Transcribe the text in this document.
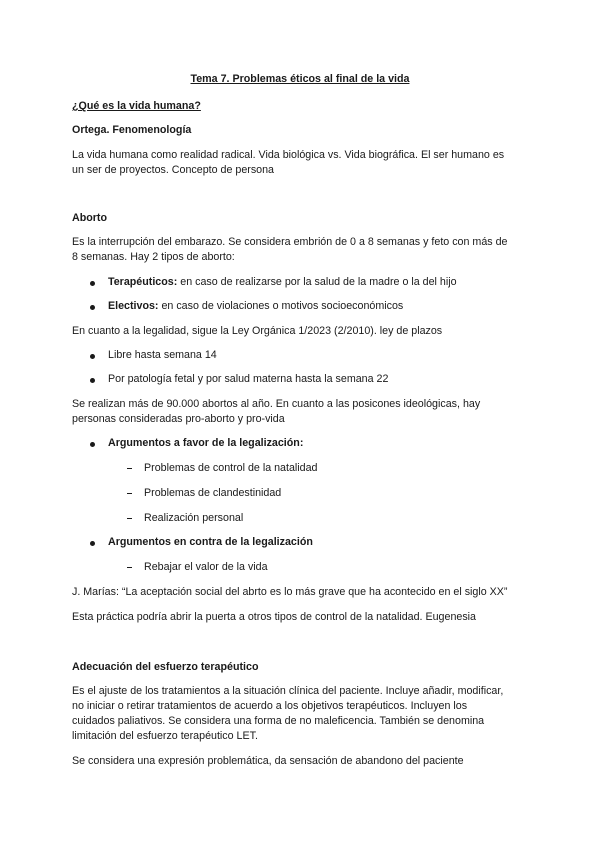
Tema 7. Problemas éticos al final de la vida
¿Qué es la vida humana?
Ortega. Fenomenología
La vida humana como realidad radical. Vida biológica vs. Vida biográfica. El ser humano es
un ser de proyectos. Concepto de persona
Aborto
Es la interrupción del embarazo. Se considera embrión de 0 a 8 semanas y feto con más de
8 semanas. Hay 2 tipos de aborto:
Terapéuticos: en caso de realizarse por la salud de la madre o la del hijo
Electivos: en caso de violaciones o motivos socioeconómicos
En cuanto a la legalidad, sigue la Ley Orgánica 1/2023 (2/2010). ley de plazos
Libre hasta semana 14
Por patología fetal y por salud materna hasta la semana 22
Se realizan más de 90.000 abortos al año. En cuanto a las posicones ideológicas, hay
personas consideradas pro-aborto y pro-vida
Argumentos a favor de la legalización:
Problemas de control de la natalidad
Problemas de clandestinidad
Realización personal
Argumentos en contra de la legalización
Rebajar el valor de la vida
J. Marías: “La aceptación social del abrto es lo más grave que ha acontecido en el siglo XX”
Esta práctica podría abrir la puerta a otros tipos de control de la natalidad. Eugenesia
Adecuación del esfuerzo terapéutico
Es el ajuste de los tratamientos a la situación clínica del paciente. Incluye añadir, modificar,
no iniciar o retirar tratamientos de acuerdo a los objetivos terapéuticos. Incluyen los
cuidados paliativos. Se considera una forma de no maleficencia. También se denomina
limitación del esfuerzo terapéutico LET.
Se considera una expresión problemática, da sensación de abandono del paciente
